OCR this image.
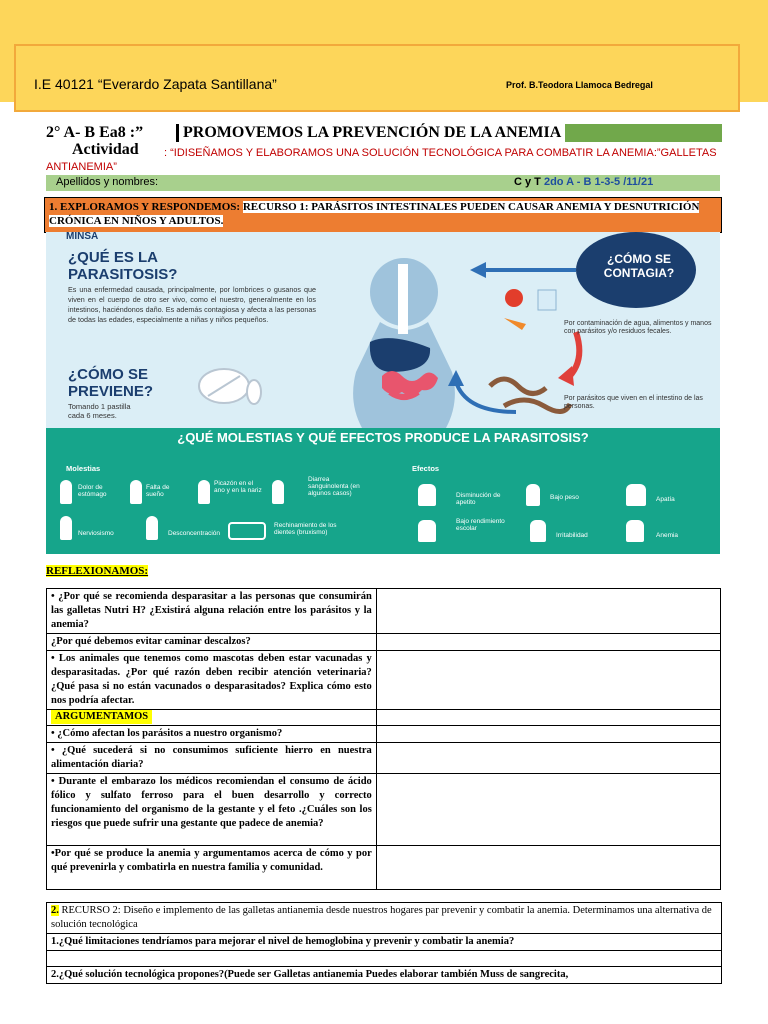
I.E 40121 “Everardo Zapata Santillana”	Prof. B.Teodora Llamoca Bedregal
2° A- B Ea8 :”	PROMOVEMOS LA PREVENCIÓN DE LA ANEMIA
Actividad	: “IDISEÑAMOS Y ELABORAMOS UNA SOLUCIÓN TECNOLÓGICA PARA COMBATIR LA ANEMIA:”GALLETAS ANTIANEMIA”
Apellidos y nombres:	C y T 2do A - B 1-3-5 /11/21
1. EXPLORAMOS Y RESPONDEMOS: RECURSO 1: PARÁSITOS INTESTINALES PUEDEN CAUSAR ANEMIA Y DESNUTRICIÓN CRÓNICA EN NIÑOS Y ADULTOS.
MINSA
¿QUÉ ES LA
PARASITOSIS?
Es una enfermedad causada, principalmente, por lombrices o gusanos que viven en el cuerpo de otro ser vivo, como el nuestro, generalmente en los intestinos, haciéndonos daño. Es además contagiosa y afecta a las personas de todas las edades, especialmente a niñas y niños pequeños.
¿CÓMO SE
PREVIENE?
Tomando 1 pastilla
cada 6 meses.
¿CÓMO SE
CONTAGIA?
Por contaminación de agua, alimentos y manos con parásitos y/o residuos fecales.
Por parásitos que viven en el intestino de las personas.
¿QUÉ MOLESTIAS Y QUÉ EFECTOS PRODUCE LA PARASITOSIS?
Molestias	Efectos
Dolor de estómago
Falta de sueño
Picazón en el ano y en la nariz
Diarrea sanguinolenta (en algunos casos)
Nerviosismo	Desconcentración
Rechinamiento de los dientes (bruxismo)
Disminución de apetito
Bajo peso	Apatía
Bajo rendimiento escolar
Irritabilidad	Anemia
REFLEXIONAMOS:
• ¿Por qué se recomienda desparasitar a las personas que consumirán las galletas Nutri H? ¿Existirá alguna relación entre los parásitos y la anemia?	
¿Por qué debemos evitar caminar descalzos?	
• Los animales que tenemos como mascotas deben estar vacunadas y desparasitadas. ¿Por qué razón deben recibir atención veterinaria? ¿Qué pasa si no están vacunados o desparasitados? Explica cómo esto nos podría afectar.	
ARGUMENTAMOS	
• ¿Cómo afectan los parásitos a nuestro organismo?	
• ¿Qué sucederá si no consumimos suficiente hierro en nuestra alimentación diaria?	
• Durante el embarazo los médicos recomiendan el consumo de ácido fólico y sulfato ferroso para el buen desarrollo y correcto funcionamiento del organismo de la gestante y el feto .¿Cuáles son los riesgos que puede sufrir una gestante que padece de anemia?	
•Por qué se produce la anemia y argumentamos acerca de cómo y por qué prevenirla y combatirla en nuestra familia y comunidad.	
2. RECURSO 2: Diseño e implemento de las galletas antianemia desde nuestros hogares par prevenir y combatir la anemia. Determinamos una alternativa de solución tecnológica
1.¿Qué limitaciones tendríamos para mejorar el nivel de hemoglobina y prevenir y combatir la anemia?

2.¿Qué solución tecnológica propones?(Puede ser Galletas antianemia Puedes elaborar también Muss de sangrecita,
